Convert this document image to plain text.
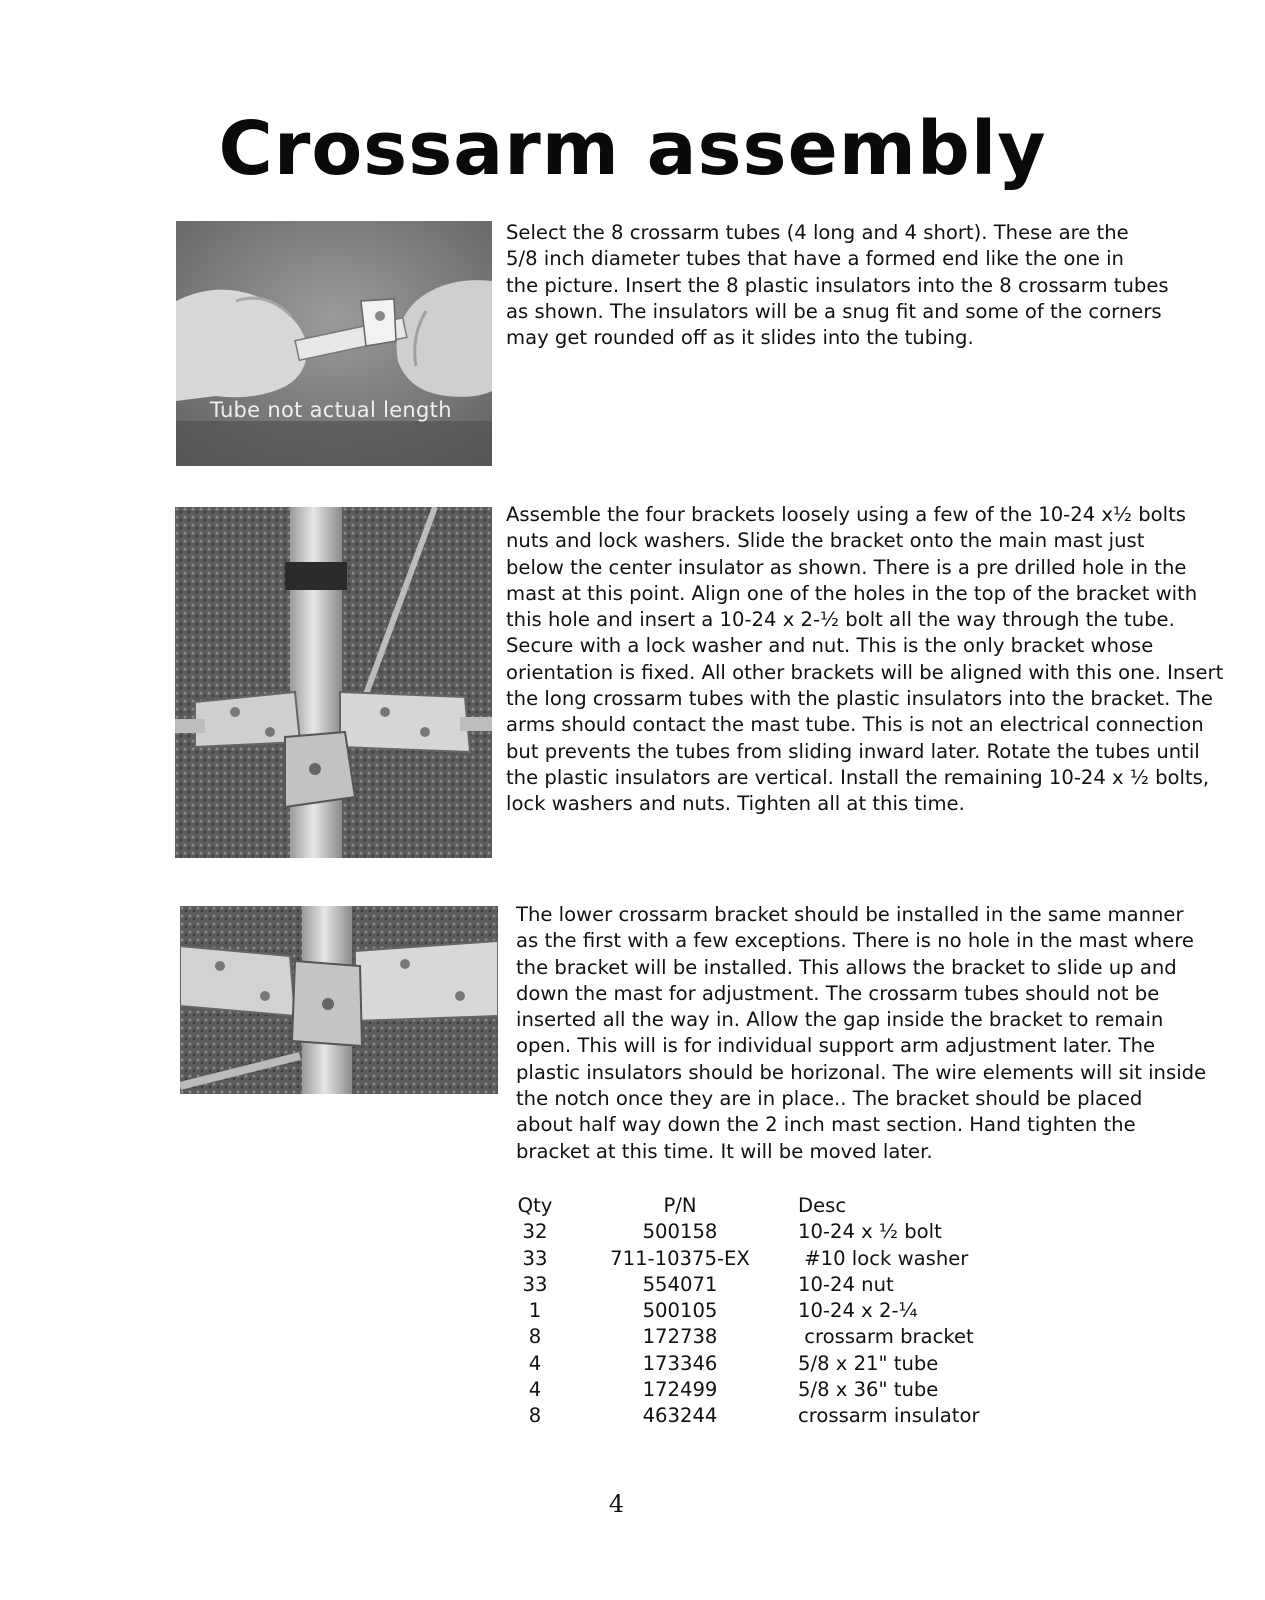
Crossarm assembly
Tube not actual length
Select the 8 crossarm tubes (4 long and 4 short). These are the
5/8 inch diameter tubes that have a formed end like the one in
the picture. Insert the 8 plastic insulators into the 8 crossarm tubes
as shown. The insulators will be a snug fit and some of the corners
may get rounded off as it slides into the tubing.
Assemble the four brackets loosely using a few of the 10-24 x½ bolts
nuts and lock washers. Slide the bracket onto the main mast just
below the center insulator as shown. There is a pre drilled hole in the
mast at this point. Align one of the holes in the top of the bracket with
this hole and insert a 10-24 x 2-½ bolt all the way through the tube.
Secure with a lock washer and nut. This is the only bracket whose
orientation is fixed. All other brackets will be aligned with this one. Insert
the long crossarm tubes with the plastic insulators into the bracket. The
arms should contact the mast tube. This is not an electrical connection
but prevents the tubes from sliding inward later. Rotate the tubes until
the plastic insulators are vertical. Install the remaining 10-24 x ½ bolts,
lock washers and nuts. Tighten all at this time.
The lower crossarm bracket should be installed in the same manner
as the first with a few exceptions. There is no hole in the mast where
the bracket will be installed. This allows the bracket to slide up and
down the mast for adjustment. The crossarm tubes should not be
inserted all the way in. Allow the gap inside the bracket to remain
open. This will is for individual support arm adjustment later. The
plastic insulators should be horizonal. The wire elements will sit inside
the notch once they are in place.. The bracket should be placed
about half way down the 2 inch mast section. Hand tighten the
bracket at this time. It will be moved later.
Qty	P/N	Desc
32	500158	10-24 x ½ bolt
33	711-10375-EX	#10 lock washer
33	554071	10-24 nut
1	500105	10-24 x 2-¼
8	172738	crossarm bracket
4	173346	5/8 x 21" tube
4	172499	5/8 x 36" tube
8	463244	crossarm insulator
4
